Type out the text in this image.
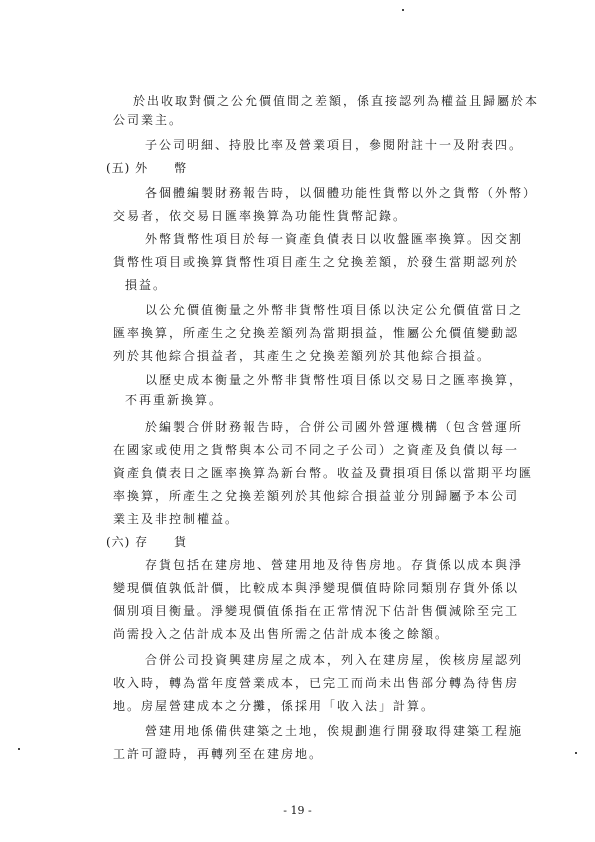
於出收取對價之公允價值間之差額，係直接認列為權益且歸屬於本
公司業主。
子公司明細、持股比率及營業項目，參閱附註十一及附表四。
(五) 外　　幣
各個體編製財務報告時，以個體功能性貨幣以外之貨幣（外幣）
交易者，依交易日匯率換算為功能性貨幣記錄。
外幣貨幣性項目於每一資產負債表日以收盤匯率換算。因交割
貨幣性項目或換算貨幣性項目產生之兌換差額，於發生當期認列於
損益。
以公允價值衡量之外幣非貨幣性項目係以決定公允價值當日之
匯率換算，所產生之兌換差額列為當期損益，惟屬公允價值變動認
列於其他綜合損益者，其產生之兌換差額列於其他綜合損益。
以歷史成本衡量之外幣非貨幣性項目係以交易日之匯率換算，
不再重新換算。
於編製合併財務報告時，合併公司國外營運機構（包含營運所
在國家或使用之貨幣與本公司不同之子公司）之資產及負債以每一
資產負債表日之匯率換算為新台幣。收益及費損項目係以當期平均匯
率換算，所產生之兌換差額列於其他綜合損益並分別歸屬予本公司
業主及非控制權益。
(六) 存　　貨
存貨包括在建房地、營建用地及待售房地。存貨係以成本與淨
變現價值孰低計價，比較成本與淨變現價值時除同類別存貨外係以
個別項目衡量。淨變現價值係指在正常情況下估計售價減除至完工
尚需投入之估計成本及出售所需之估計成本後之餘額。
合併公司投資興建房屋之成本，列入在建房屋，俟核房屋認列
收入時，轉為當年度營業成本，已完工而尚未出售部分轉為待售房
地。房屋營建成本之分攤，係採用「收入法」計算。
營建用地係備供建築之土地，俟規劃進行開發取得建築工程施
工許可證時，再轉列至在建房地。
- 19 -
